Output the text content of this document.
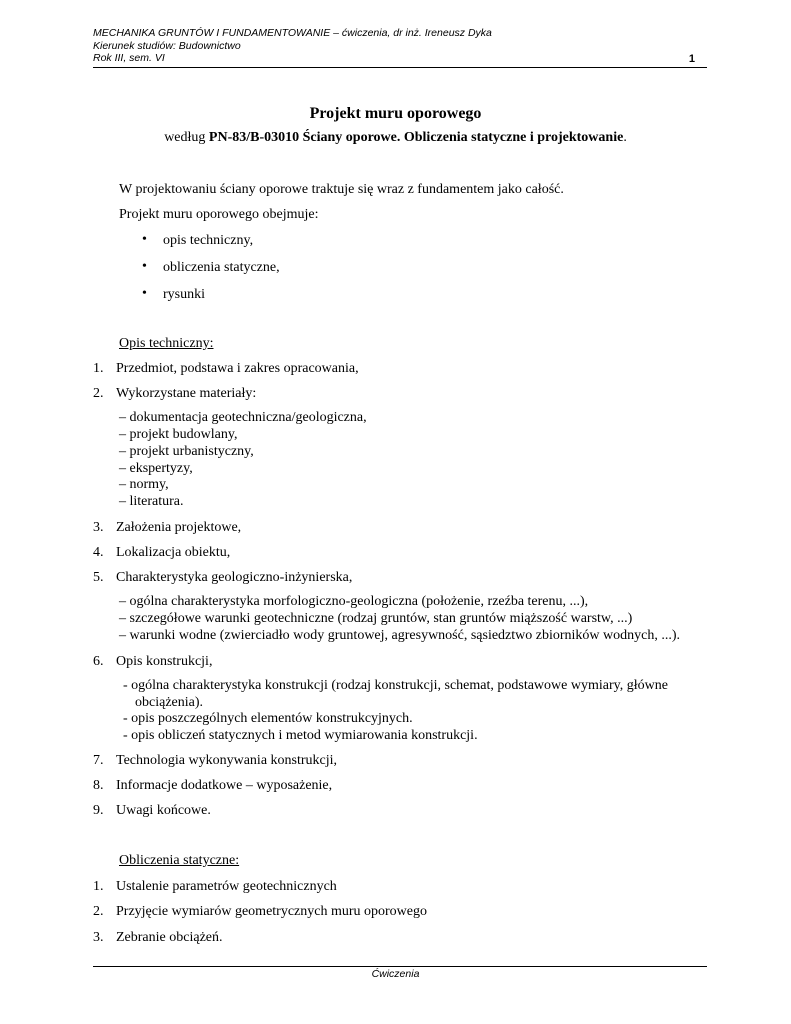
MECHANIKA GRUNTÓW I FUNDAMENTOWANIE – ćwiczenia, dr inż. Ireneusz Dyka
Kierunek studiów: Budownictwo
Rok III, sem. VI	1
Projekt muru oporowego
według PN-83/B-03010 Ściany oporowe. Obliczenia statyczne i projektowanie.
W projektowaniu ściany oporowe traktuje się wraz z fundamentem jako całość.
Projekt muru oporowego obejmuje:
• opis techniczny,
• obliczenia statyczne,
• rysunki
Opis techniczny:
1. Przedmiot, podstawa i zakres opracowania,
2. Wykorzystane materiały:
– dokumentacja geotechniczna/geologiczna,
– projekt budowlany,
– projekt urbanistyczny,
– ekspertyzy,
– normy,
– literatura.
3. Założenia projektowe,
4. Lokalizacja obiektu,
5. Charakterystyka geologiczno-inżynierska,
– ogólna charakterystyka morfologiczno-geologiczna (położenie, rzeźba terenu, ...),
– szczegółowe warunki geotechniczne (rodzaj gruntów, stan gruntów miąższość warstw, ...)
– warunki wodne (zwierciadło wody gruntowej, agresywność, sąsiedztwo zbiorników wodnych, ...).
6. Opis konstrukcji,
- ogólna charakterystyka konstrukcji (rodzaj konstrukcji, schemat, podstawowe wymiary, główne
obciążenia).
- opis poszczególnych elementów konstrukcyjnych.
- opis obliczeń statycznych i metod wymiarowania konstrukcji.
7. Technologia wykonywania konstrukcji,
8. Informacje dodatkowe – wyposażenie,
9. Uwagi końcowe.
Obliczenia statyczne:
1. Ustalenie parametrów geotechnicznych
2. Przyjęcie wymiarów geometrycznych muru oporowego
3. Zebranie obciążeń.
Ćwiczenia
